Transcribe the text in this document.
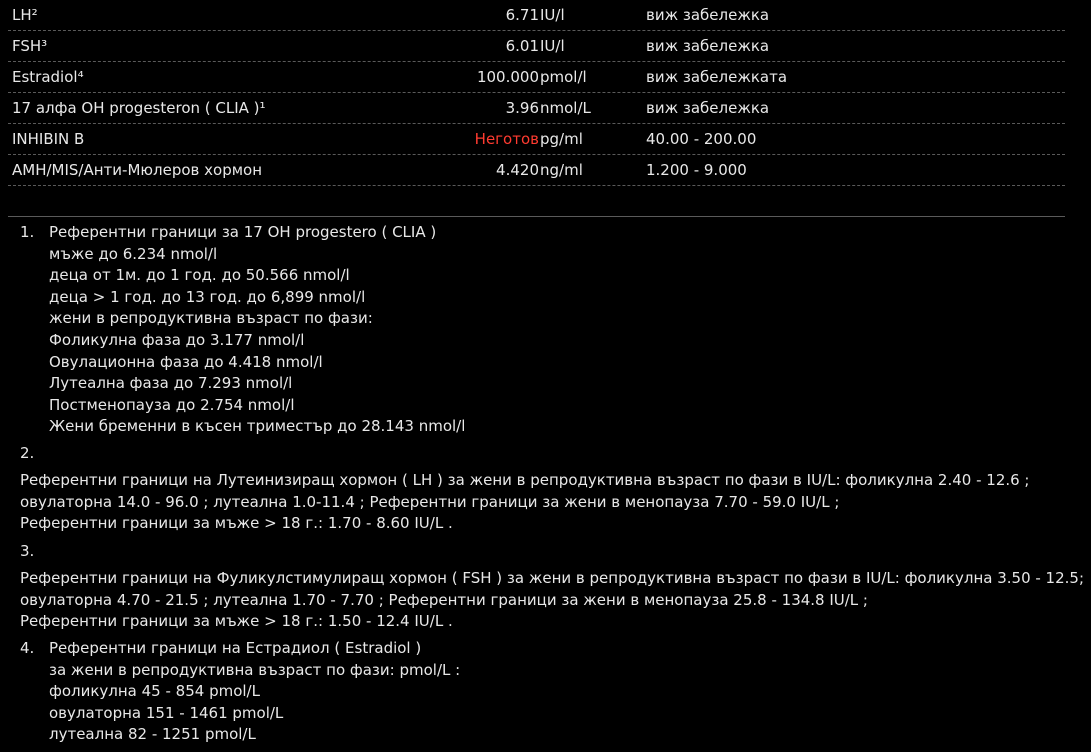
LH²	6.71 IU/l	виж забележка
FSH³	6.01 IU/l	виж забележка
Estradiol⁴	100.000 pmol/l	виж забележката
17 алфа OH progesteron ( CLIA )¹	3.96 nmol/L	виж забележка
INHIBIN B	Неготов pg/ml	40.00 - 200.00
AMH/MIS/Анти-Мюлеров хормон	4.420 ng/ml	1.200 - 9.000
1. Референтни граници за 17 OH progestero ( CLIA )
мъже до 6.234 nmol/l
деца от 1м. до 1 год. до 50.566 nmol/l
деца > 1 год. до 13 год. до 6,899 nmol/l
жени в репродуктивна възраст по фази:
Фоликулна фаза до 3.177 nmol/l
Овулационна фаза до 4.418 nmol/l
Лутеална фаза до 7.293 nmol/l
Постменопауза до 2.754 nmol/l
Жени бременни в късен триместър до 28.143 nmol/l
2.
Референтни граници на Лутеинизиращ хормон ( LH ) за жени в репродуктивна възраст по фази в IU/L: фоликулна 2.40 - 12.6 ;
овулаторна 14.0 - 96.0 ; лутеална 1.0-11.4 ; Референтни граници за жени в менопауза 7.70 - 59.0 IU/L ;
Референтни граници за мъже > 18 г.: 1.70 - 8.60 IU/L .
3.
Референтни граници на Фуликулстимулиращ хормон ( FSH ) за жени в репродуктивна възраст по фази в IU/L: фоликулна 3.50 - 12.5;
овулаторна 4.70 - 21.5 ; лутеална 1.70 - 7.70 ; Референтни граници за жени в менопауза 25.8 - 134.8 IU/L ;
Референтни граници за мъже > 18 г.: 1.50 - 12.4 IU/L .
4. Референтни граници на Естрадиол ( Estradiol )
за жени в репродуктивна възраст по фази: pmol/L :
фоликулна 45 - 854 pmol/L
овулаторна 151 - 1461 pmol/L
лутеална 82 - 1251 pmol/L
